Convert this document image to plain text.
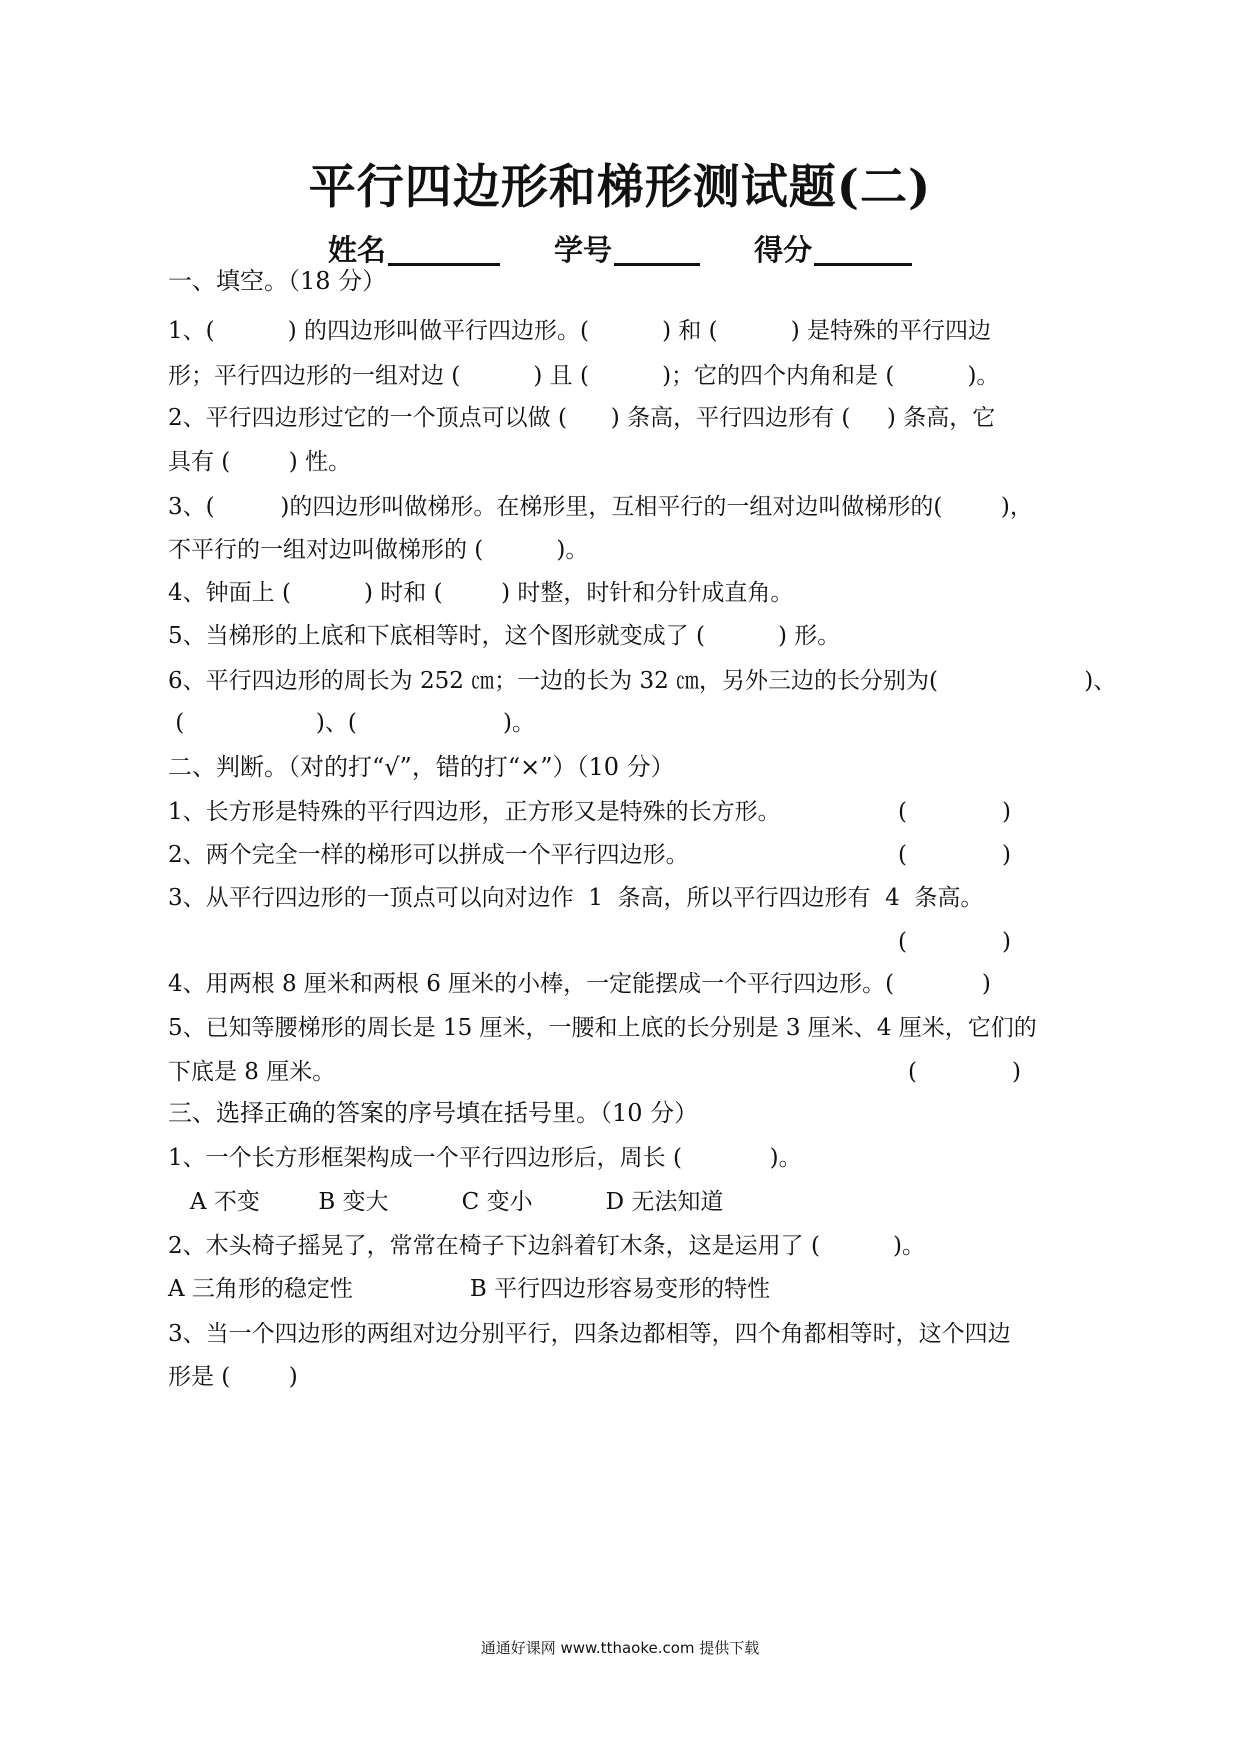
平行四边形和梯形测试题(二)
姓名	学号	得分
一、填空。（18 分）
1、(          ) 的四边形叫做平行四边形。(          ) 和 (          ) 是特殊的平行四边
形；平行四边形的一组对边 (          ) 且 (          )；它的四个内角和是 (          )。
2、平行四边形过它的一个顶点可以做 (      ) 条高，平行四边形有 (     ) 条高，它
具有 (        ) 性。
3、(         )的四边形叫做梯形。在梯形里，互相平行的一组对边叫做梯形的(        )，
不平行的一组对边叫做梯形的 (          )。
4、钟面上 (          ) 时和 (        ) 时整，时针和分针成直角。
5、当梯形的上底和下底相等时，这个图形就变成了 (          ) 形。
6、平行四边形的周长为 252 ㎝；一边的长为 32 ㎝，另外三边的长分别为(                    )、
(                  )、(                    )。
二、判断。（对的打“√”，错的打“×”）（10 分）
1、长方形是特殊的平行四边形，正方形又是特殊的长方形。	(             )
2、两个完全一样的梯形可以拼成一个平行四边形。	(             )
3、从平行四边形的一顶点可以向对边作  1  条高，所以平行四边形有  4  条高。
(             )
4、用两根 8 厘米和两根 6 厘米的小棒，一定能摆成一个平行四边形。(            )
5、已知等腰梯形的周长是 15 厘米，一腰和上底的长分别是 3 厘米、4 厘米，它们的
下底是 8 厘米。	(             )
三、选择正确的答案的序号填在括号里。（10 分）
1、一个长方形框架构成一个平行四边形后，周长 (            )。
A 不变        B 变大          C 变小          D 无法知道
2、木头椅子摇晃了，常常在椅子下边斜着钉木条，这是运用了 (          )。
A 三角形的稳定性                B 平行四边形容易变形的特性
3、当一个四边形的两组对边分别平行，四条边都相等，四个角都相等时，这个四边
形是 (        )
通通好课网 www.tthaoke.com 提供下载
